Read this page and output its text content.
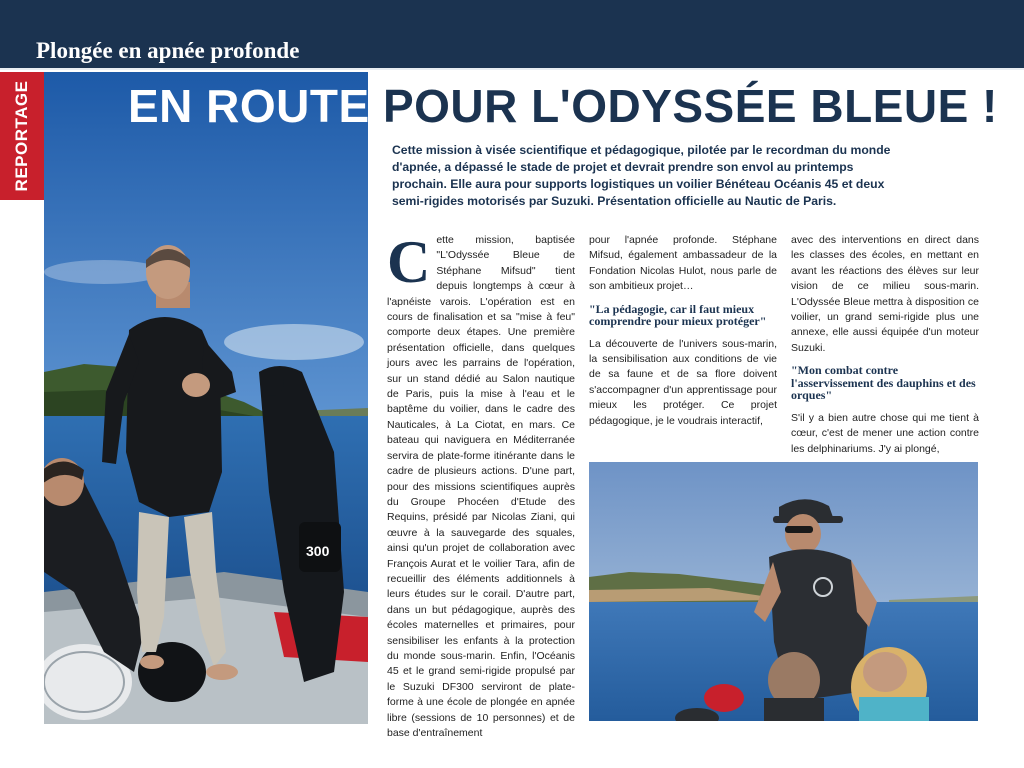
Plongée en apnée profonde
REPORTAGE
300
EN ROUTE POUR L'ODYSSÉE BLEUE !
Cette mission à visée scientifique et pédagogique, pilotée par le recordman du monde d'apnée, a dépassé le stade de projet et devrait prendre son envol au printemps prochain. Elle aura pour supports logistiques un voilier Bénéteau Océanis 45 et deux semi-rigides motorisés par Suzuki. Présentation officielle au Nautic de Paris.

Cette mission, baptisée "L'Odyssée Bleue de Stéphane Mifsud" tient depuis longtemps à cœur à l'apnéiste varois. L'opération est en cours de finalisation et sa "mise à feu" comporte deux étapes. Une première présentation officielle, dans quelques jours avec les parrains de l'opération, sur un stand dédié au Salon nautique de Paris, puis la mise à l'eau et le baptême du voilier, dans le cadre des Nauticales, à La Ciotat, en mars. Ce bateau qui naviguera en Méditerranée servira de plate-forme itinérante dans le cadre de plusieurs actions. D'une part, pour des missions scientifiques auprès du Groupe Phocéen d'Etude des Requins, présidé par Nicolas Ziani, qui œuvre à la sauvegarde des squales, ainsi qu'un projet de collaboration avec François Aurat et le voilier Tara, afin de recueillir des éléments additionnels à leurs études sur le corail. D'autre part, dans un but pédagogique, auprès des écoles maternelles et primaires, pour sensibiliser les enfants à la protection du monde sous-marin. Enfin, l'Océanis 45 et le grand semi-rigide propulsé par le Suzuki DF300 serviront de plate-forme à une école de plongée en apnée libre (sessions de 10 personnes) et de base d'entraînement

pour l'apnée profonde. Stéphane Mifsud, également ambassadeur de la Fondation Nicolas Hulot, nous parle de son ambitieux projet…

"La pédagogie, car il faut mieux comprendre pour mieux protéger"

La découverte de l'univers sous-marin, la sensibilisation aux conditions de vie de sa faune et de sa flore doivent s'accompagner d'un apprentissage pour mieux les protéger. Ce projet pédagogique, je le voudrais interactif,

avec des interventions en direct dans les classes des écoles, en mettant en avant les réactions des élèves sur leur vision de ce milieu sous-marin. L'Odyssée Bleue mettra à disposition ce voilier, un grand semi-rigide plus une annexe, elle aussi équipée d'un moteur Suzuki.

"Mon combat contre l'asservissement des dauphins et des orques"

S'il y a bien autre chose qui me tient à cœur, c'est de mener une action contre les delphinariums. J'y ai plongé,
